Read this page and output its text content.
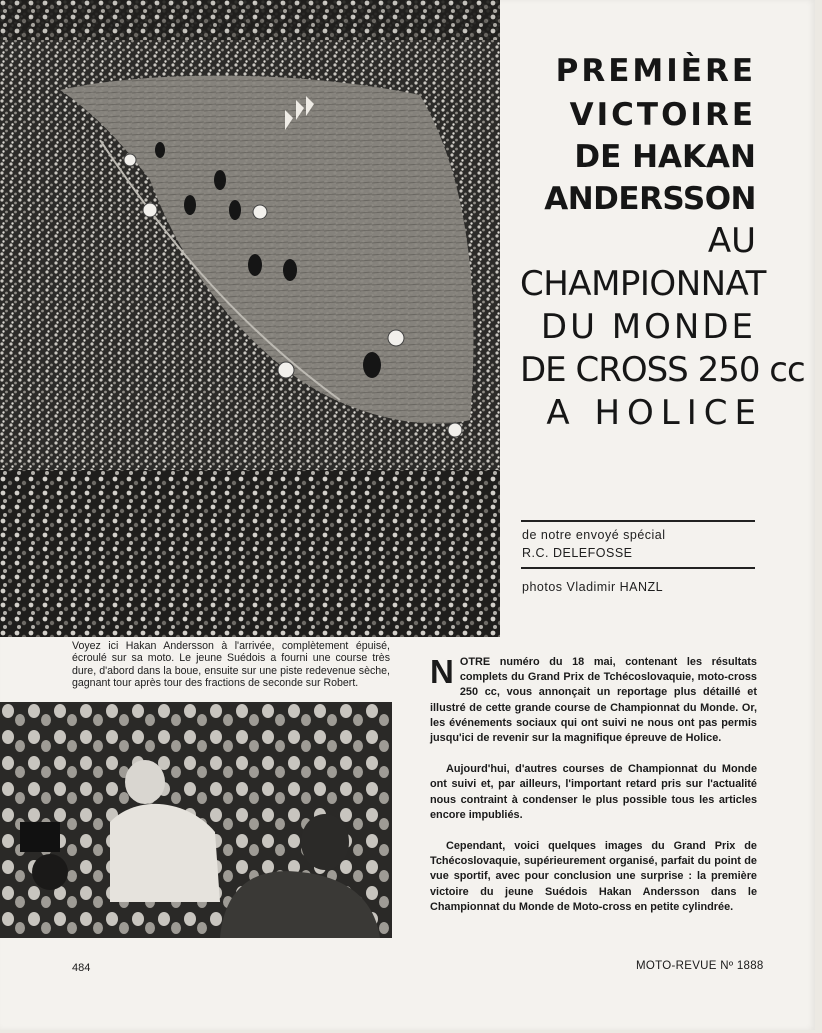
PREMIÈRE
VICTOIRE
DE HAKAN
ANDERSSON
AU
CHAMPIONNAT
DU MONDE
DE CROSS 250 cc
A HOLICE
de notre envoyé spécial
R.C. DELEFOSSE
photos Vladimir HANZL
Voyez ici Hakan Andersson à l'arrivée, complètement épuisé, écroulé sur sa moto. Le jeune Suédois a fourni une course très dure, d'abord dans la boue, ensuite sur une piste redevenue sèche, gagnant tour après tour des fractions de seconde sur Robert.	NOTRE numéro du 18 mai, contenant les résultats complets du Grand Prix de Tchécoslovaquie, moto-cross 250 cc, vous annonçait un reportage plus détaillé et illustré de cette grande course de Championnat du Monde. Or, les événements sociaux qui ont suivi ne nous ont pas permis jusqu'ici de revenir sur la magnifique épreuve de Holice.

Aujourd'hui, d'autres courses de Championnat du Monde ont suivi et, par ailleurs, l'important retard pris sur l'actualité nous contraint à condenser le plus possible tous les articles encore impubliés.

Cependant, voici quelques images du Grand Prix de Tchécoslovaquie, supérieurement organisé, parfait du point de vue sportif, avec pour conclusion une surprise : la première victoire du jeune Suédois Hakan Andersson dans le Championnat du Monde de Moto-cross en petite cylindrée.

484	MOTO-REVUE Nº 1888
